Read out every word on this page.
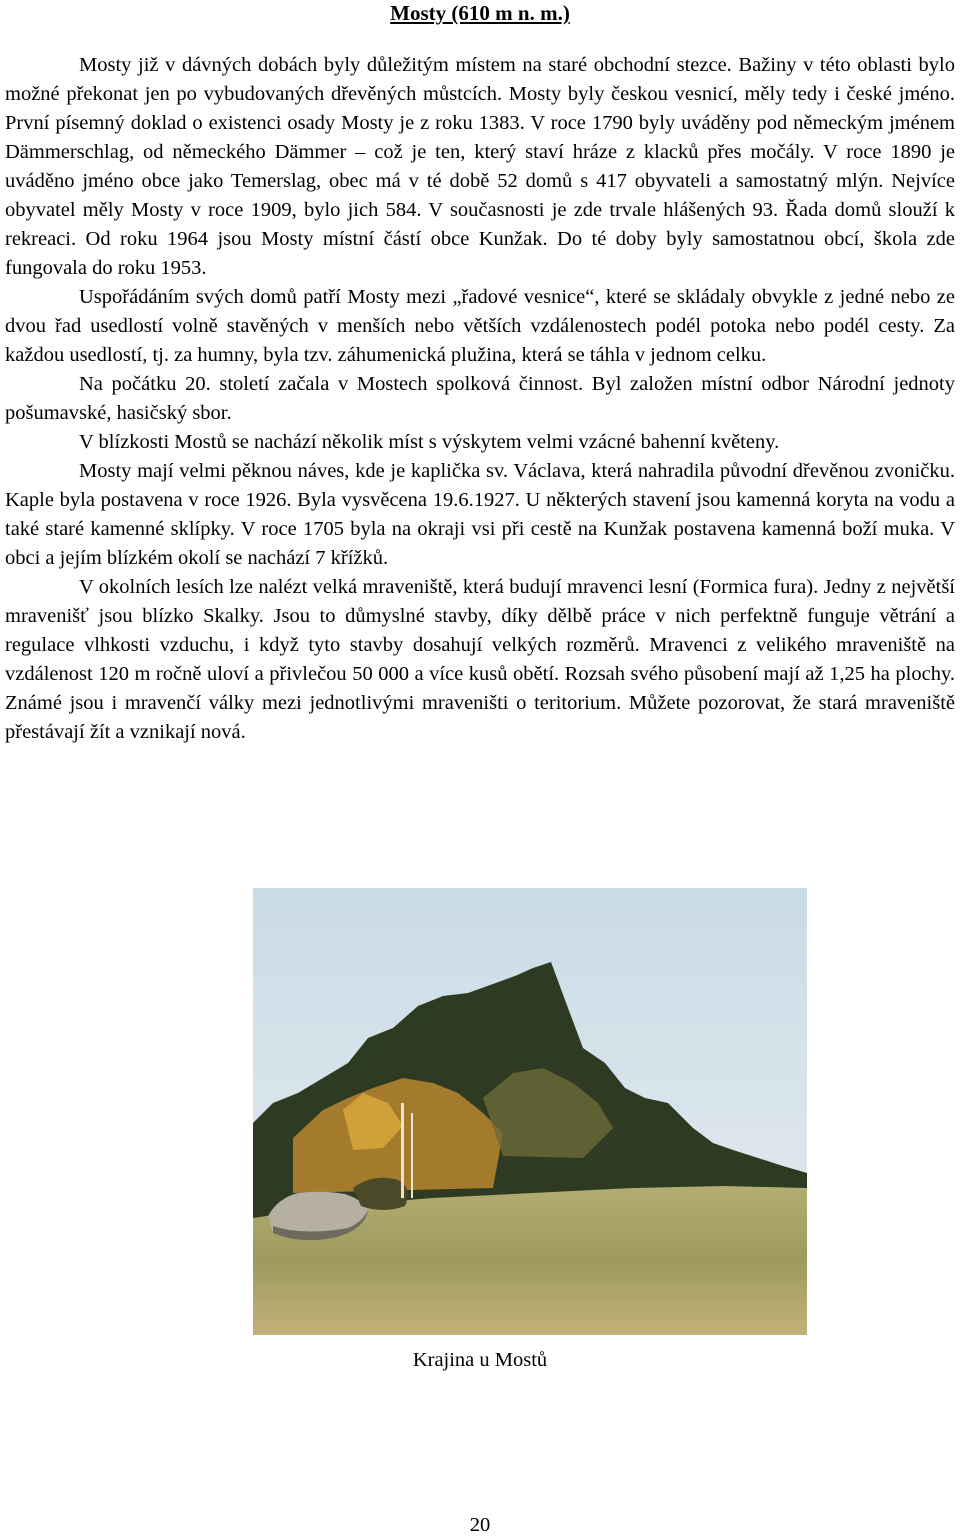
Mosty (610 m n. m.)

Mosty již v dávných dobách byly důležitým místem na staré obchodní stezce. Bažiny v této oblasti bylo možné překonat jen po vybudovaných dřevěných můstcích. Mosty byly českou vesnicí, měly tedy i české jméno. První písemný doklad o existenci osady Mosty je z roku 1383. V roce 1790 byly uváděny pod německým jménem Dämmerschlag, od německého Dämmer – což je ten, který staví hráze z klacků přes močály. V roce 1890 je uváděno jméno obce jako Temerslag, obec má v té době 52 domů s 417 obyvateli a samostatný mlýn. Nejvíce obyvatel měly Mosty v roce 1909, bylo jich 584. V současnosti je zde trvale hlášených 93. Řada domů slouží k rekreaci. Od roku 1964 jsou Mosty místní částí obce Kunžak. Do té doby byly samostatnou obcí, škola zde fungovala do roku 1953.

Uspořádáním svých domů patří Mosty mezi „řadové vesnice“, které se skládaly obvykle z jedné nebo ze dvou řad usedlostí volně stavěných v menších nebo větších vzdálenostech podél potoka nebo podél cesty. Za každou usedlostí, tj. za humny, byla tzv. záhumenická plužina, která se táhla v jednom celku.

Na počátku 20. století začala v Mostech spolková činnost. Byl založen místní odbor Národní jednoty pošumavské, hasičský sbor.

V blízkosti Mostů se nachází několik míst s výskytem velmi vzácné bahenní květeny.

Mosty mají velmi pěknou náves, kde je kaplička sv. Václava, která nahradila původní dřevěnou zvoničku. Kaple byla postavena v roce 1926. Byla vysvěcena 19.6.1927. U některých stavení jsou kamenná koryta na vodu a také staré kamenné sklípky. V roce 1705 byla na okraji vsi při cestě na Kunžak postavena kamenná boží muka. V obci a jejím blízkém okolí se nachází 7 křížků.

V okolních lesích lze nalézt velká mraveniště, která budují mravenci lesní (Formica fura). Jedny z největší mravenišť jsou blízko Skalky. Jsou to důmyslné stavby, díky dělbě práce v nich perfektně funguje větrání a regulace vlhkosti vzduchu, i když tyto stavby dosahují velkých rozměrů. Mravenci z velikého mraveniště na vzdálenost 120 m ročně uloví a přivlečou 50 000 a více kusů obětí. Rozsah svého působení mají až 1,25 ha plochy. Známé jsou i mravenčí války mezi jednotlivými mraveništi o teritorium. Můžete pozorovat, že stará mraveniště přestávají žít a vznikají nová.

Krajina u Mostů

20
